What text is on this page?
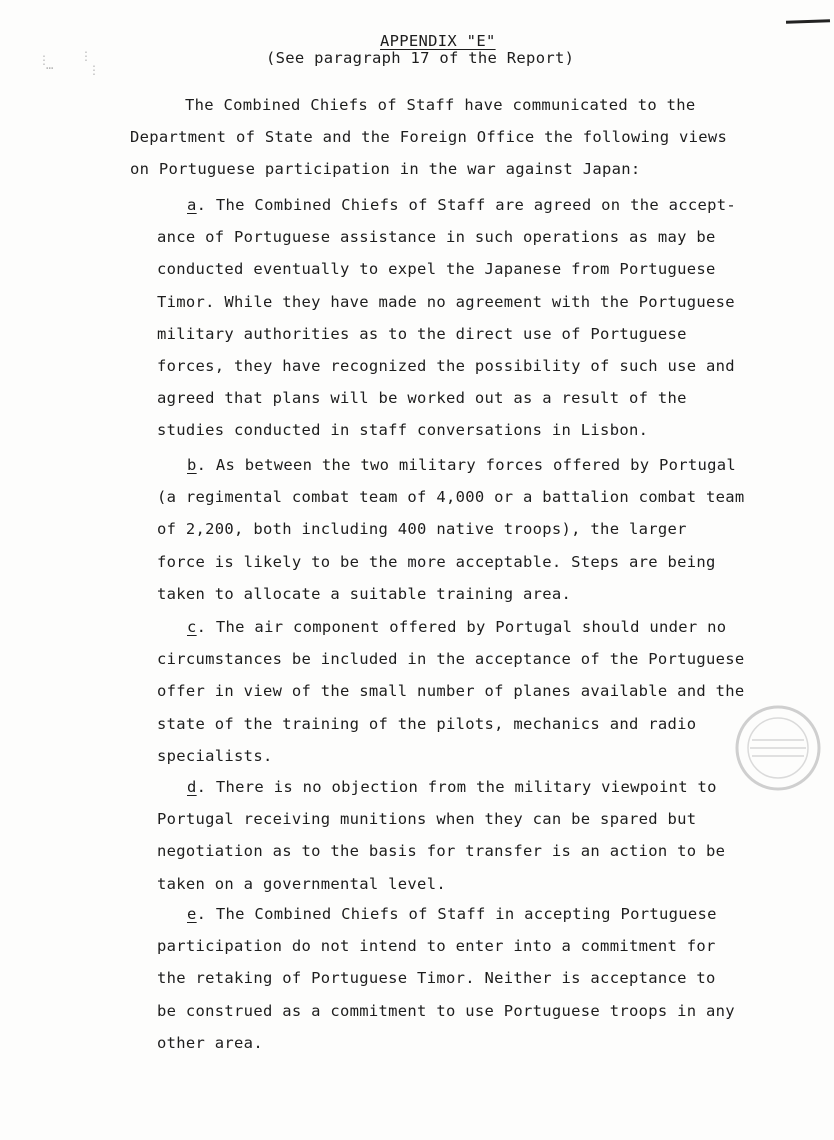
⋮
⋯
⋮
⋮
APPENDIX "E"
(See paragraph 17 of the Report)

The Combined Chiefs of Staff have communicated to the
Department of State and the Foreign Office the following views
on Portuguese participation in the war against Japan:

a. The Combined Chiefs of Staff are agreed on the accept-
ance of Portuguese assistance in such operations as may be
conducted eventually to expel the Japanese from Portuguese
Timor. While they have made no agreement with the Portuguese
military authorities as to the direct use of Portuguese
forces, they have recognized the possibility of such use and
agreed that plans will be worked out as a result of the
studies conducted in staff conversations in Lisbon.

b. As between the two military forces offered by Portugal
(a regimental combat team of 4,000 or a battalion combat team
of 2,200, both including 400 native troops), the larger
force is likely to be the more acceptable. Steps are being
taken to allocate a suitable training area.

c. The air component offered by Portugal should under no
circumstances be included in the acceptance of the Portuguese
offer in view of the small number of planes available and the
state of the training of the pilots, mechanics and radio
specialists.

d. There is no objection from the military viewpoint to
Portugal receiving munitions when they can be spared but
negotiation as to the basis for transfer is an action to be
taken on a governmental level.

e. The Combined Chiefs of Staff in accepting Portuguese
participation do not intend to enter into a commitment for
the retaking of Portuguese Timor. Neither is acceptance to
be construed as a commitment to use Portuguese troops in any
other area.
